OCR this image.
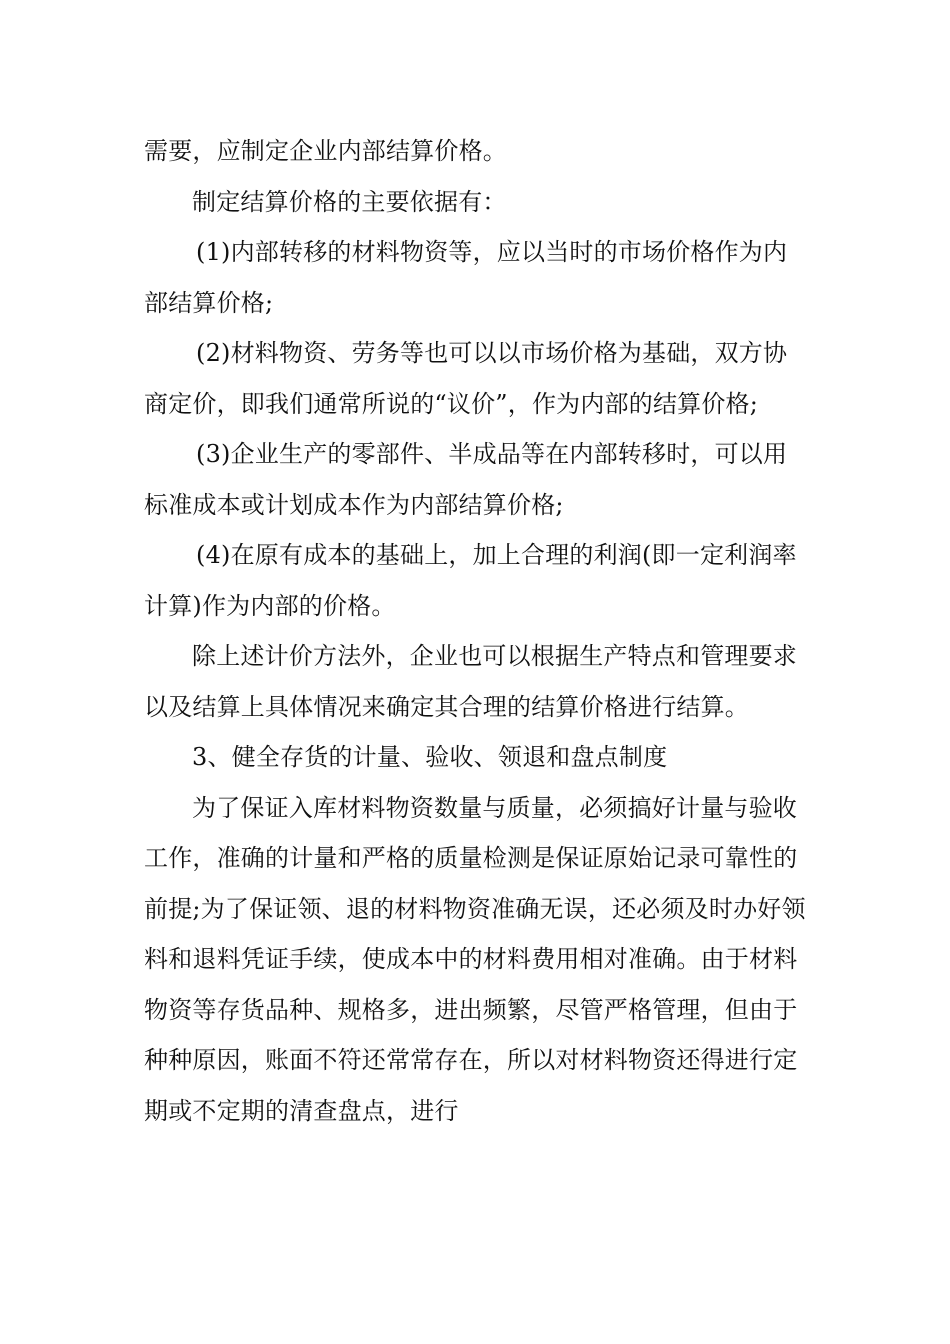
需要，应制定企业内部结算价格。

制定结算价格的主要依据有：

(1)内部转移的材料物资等，应以当时的市场价格作为内部结算价格;

(2)材料物资、劳务等也可以以市场价格为基础，双方协商定价，即我们通常所说的“议价”，作为内部的结算价格;

(3)企业生产的零部件、半成品等在内部转移时，可以用标准成本或计划成本作为内部结算价格;

(4)在原有成本的基础上，加上合理的利润(即一定利润率计算)作为内部的价格。

除上述计价方法外，企业也可以根据生产特点和管理要求以及结算上具体情况来确定其合理的结算价格进行结算。

3、健全存货的计量、验收、领退和盘点制度

为了保证入库材料物资数量与质量，必须搞好计量与验收工作，准确的计量和严格的质量检测是保证原始记录可靠性的前提;为了保证领、退的材料物资准确无误，还必须及时办好领料和退料凭证手续，使成本中的材料费用相对准确。由于材料物资等存货品种、规格多，进出频繁，尽管严格管理，但由于种种原因，账面不符还常常存在，所以对材料物资还得进行定期或不定期的清查盘点，进行
